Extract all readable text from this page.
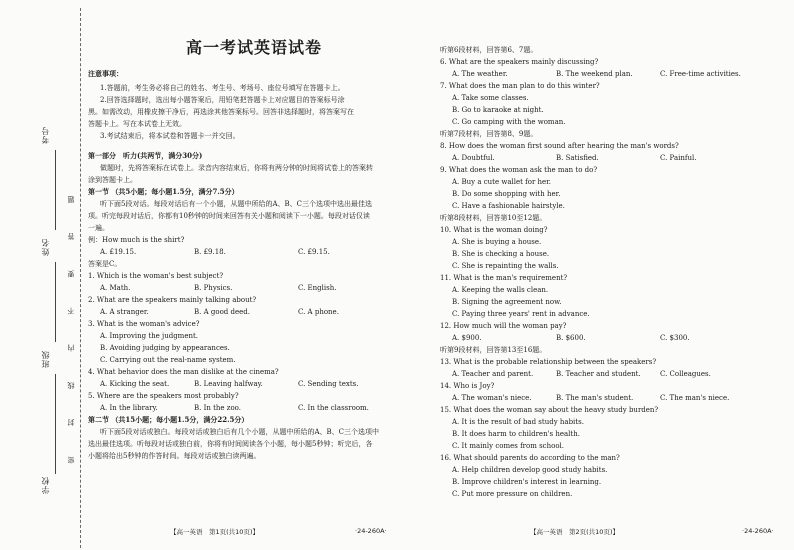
考号
姓名
班级
学校
密 封 线 内 不 要 答 题

高一考试英语试卷

注意事项：

1.答题前，考生务必将自己的姓名、考生号、考场号、座位号填写在答题卡上。

2.回答选择题时，选出每小题答案后，用铅笔把答题卡上对应题目的答案标号涂

黑。如需改动，用橡皮擦干净后，再选涂其他答案标号。回答非选择题时，将答案写在

答题卡上。写在本试卷上无效。

3.考试结束后，将本试卷和答题卡一并交回。

第一部分　听力(共两节，满分30分)

做题时，先将答案标在试卷上。录音内容结束后，你将有两分钟的时间将试卷上的答案转

涂到答题卡上。

第一节 （共5小题；每小题1.5分，满分7.5分）

听下面5段对话。每段对话后有一个小题，从题中所给的A、B、C三个选项中选出最佳选

项。听完每段对话后，你都有10秒钟的时间来回答有关小题和阅读下一小题。每段对话仅读

一遍。

例：How much is the shirt?

A. £19.15.	B. £9.18.	C. £9.15.

答案是C。

1. Which is the woman's best subject?

A. Math.	B. Physics.	C. English.

2. What are the speakers mainly talking about?

A. A stranger.	B. A good deed.	C. A phone.

3. What is the woman's advice?

A. Improving the judgment.

B. Avoiding judging by appearances.

C. Carrying out the real-name system.

4. What behavior does the man dislike at the cinema?

A. Kicking the seat.	B. Leaving halfway.	C. Sending texts.

5. Where are the speakers most probably?

A. In the library.	B. In the zoo.	C. In the classroom.

第二节 （共15小题；每小题1.5分，满分22.5分）

听下面5段对话或独白。每段对话或独白后有几个小题，从题中所给的A、B、C三个选项中

选出最佳选项。听每段对话或独白前，你将有时间阅读各个小题，每小题5秒钟；听完后，各

小题将给出5秒钟的作答时间。每段对话或独白读两遍。

听第6段材料，回答第6、7题。

6. What are the speakers mainly discussing?

A. The weather.	B. The weekend plan.	C. Free-time activities.

7. What does the man plan to do this winter?

A. Take some classes.

B. Go to karaoke at night.

C. Go camping with the woman.

听第7段材料，回答第8、9题。

8. How does the woman first sound after hearing the man's words?

A. Doubtful.	B. Satisfied.	C. Painful.

9. What does the woman ask the man to do?

A. Buy a cute wallet for her.

B. Do some shopping with her.

C. Have a fashionable hairstyle.

听第8段材料，回答第10至12题。

10. What is the woman doing?

A. She is buying a house.

B. She is checking a house.

C. She is repainting the walls.

11. What is the man's requirement?

A. Keeping the walls clean.

B. Signing the agreement now.

C. Paying three years' rent in advance.

12. How much will the woman pay?

A. $900.	B. $600.	C. $300.

听第9段材料，回答第13至16题。

13. What is the probable relationship between the speakers?

A. Teacher and parent.	B. Teacher and student.	C. Colleagues.

14. Who is Joy?

A. The woman's niece.	B. The man's student.	C. The man's niece.

15. What does the woman say about the heavy study burden?

A. It is the result of bad study habits.

B. It does harm to children's health.

C. It mainly comes from school.

16. What should parents do according to the man?

A. Help children develop good study habits.

B. Improve children's interest in learning.

C. Put more pressure on children.

【高一英语　第1页(共10页)】	·24-260A·	【高一英语　第2页(共10页)】	·24-260A·
